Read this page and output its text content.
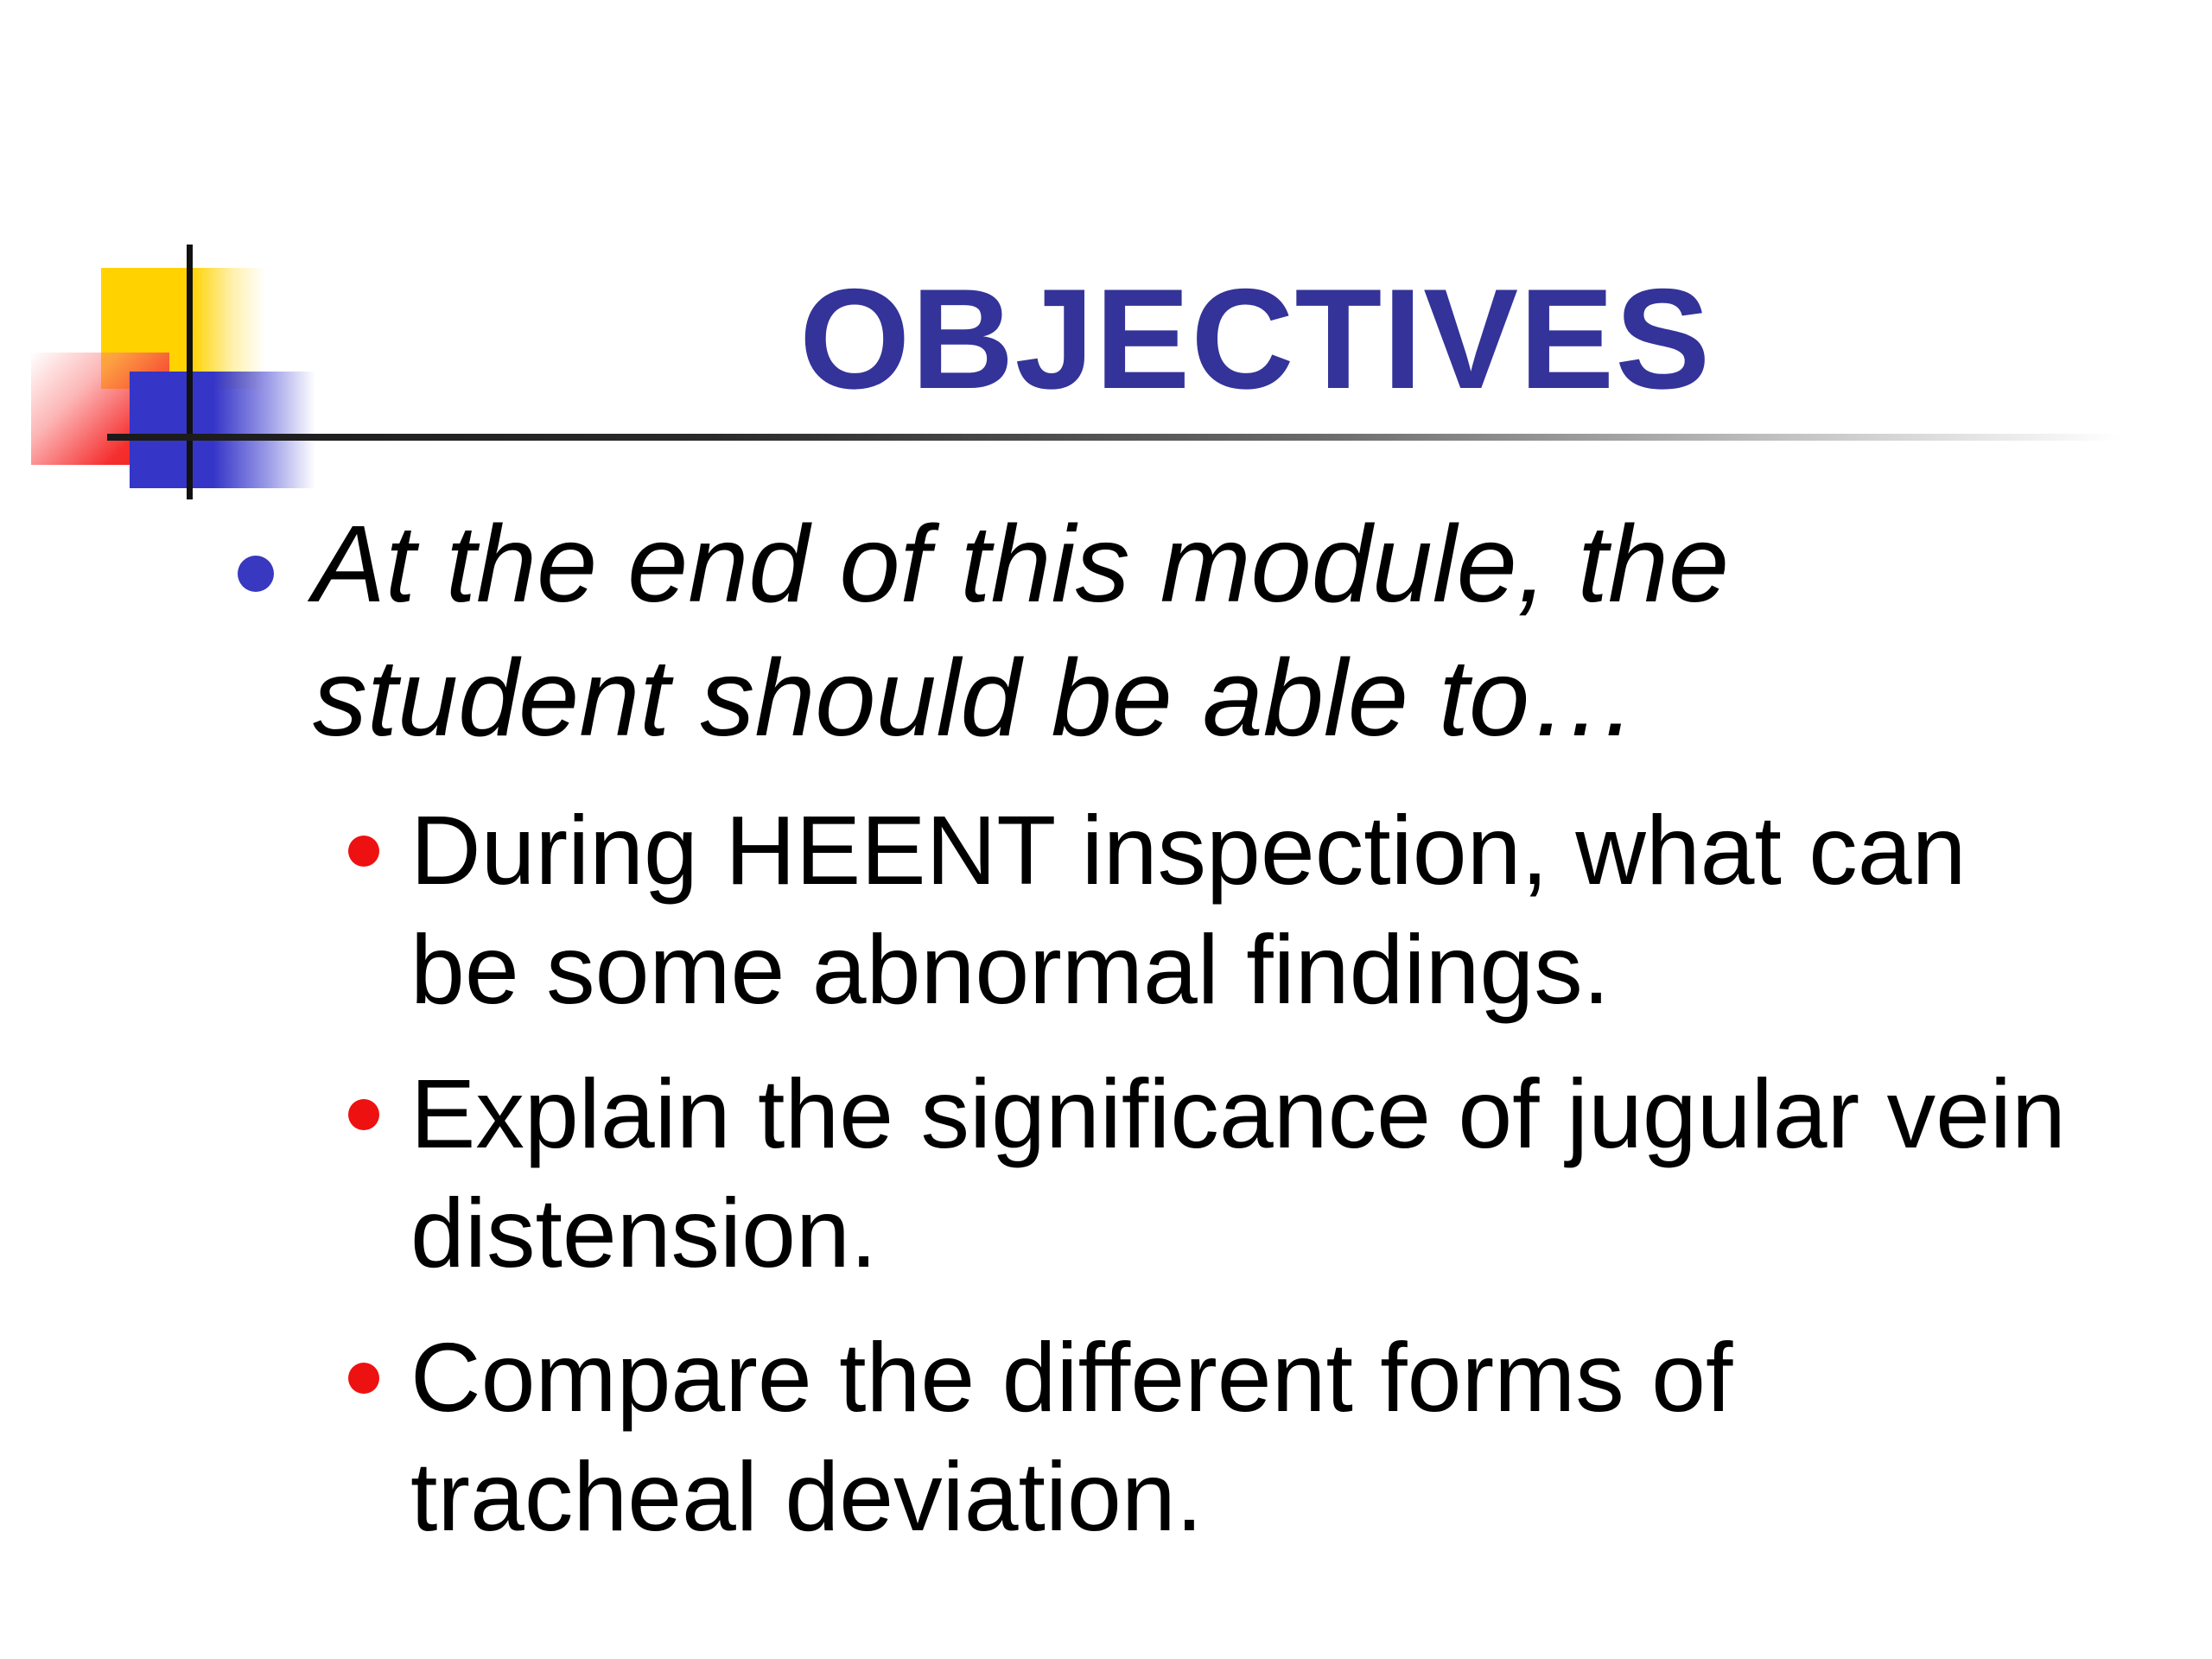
OBJECTIVES
At the end of this module, the student should be able to…
During HEENT inspection, what can be some abnormal findings.
Explain the significance of jugular vein distension.
Compare the different forms of tracheal deviation.
